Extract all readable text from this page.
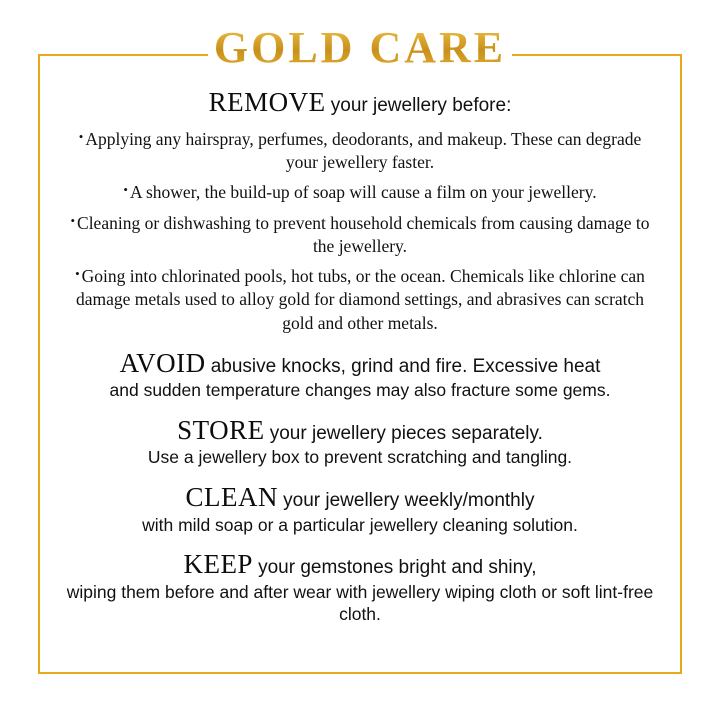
GOLD CARE
REMOVE your jewellery before:
• Applying any hairspray, perfumes, deodorants, and makeup. These can degrade your jewellery faster.
• A shower, the build-up of soap will cause a film on your jewellery.
• Cleaning or dishwashing to prevent household chemicals from causing damage to the jewellery.
• Going into chlorinated pools, hot tubs, or the ocean. Chemicals like chlorine can damage metals used to alloy gold for diamond settings, and abrasives can scratch gold and other metals.
AVOID abusive knocks, grind and fire. Excessive heat
and sudden temperature changes may also fracture some gems.
STORE your jewellery pieces separately.
Use a jewellery box to prevent scratching and tangling.
CLEAN your jewellery weekly/monthly
with mild soap or a particular jewellery cleaning solution.
KEEP your gemstones bright and shiny,
wiping them before and after wear with jewellery wiping cloth or soft lint-free cloth.
